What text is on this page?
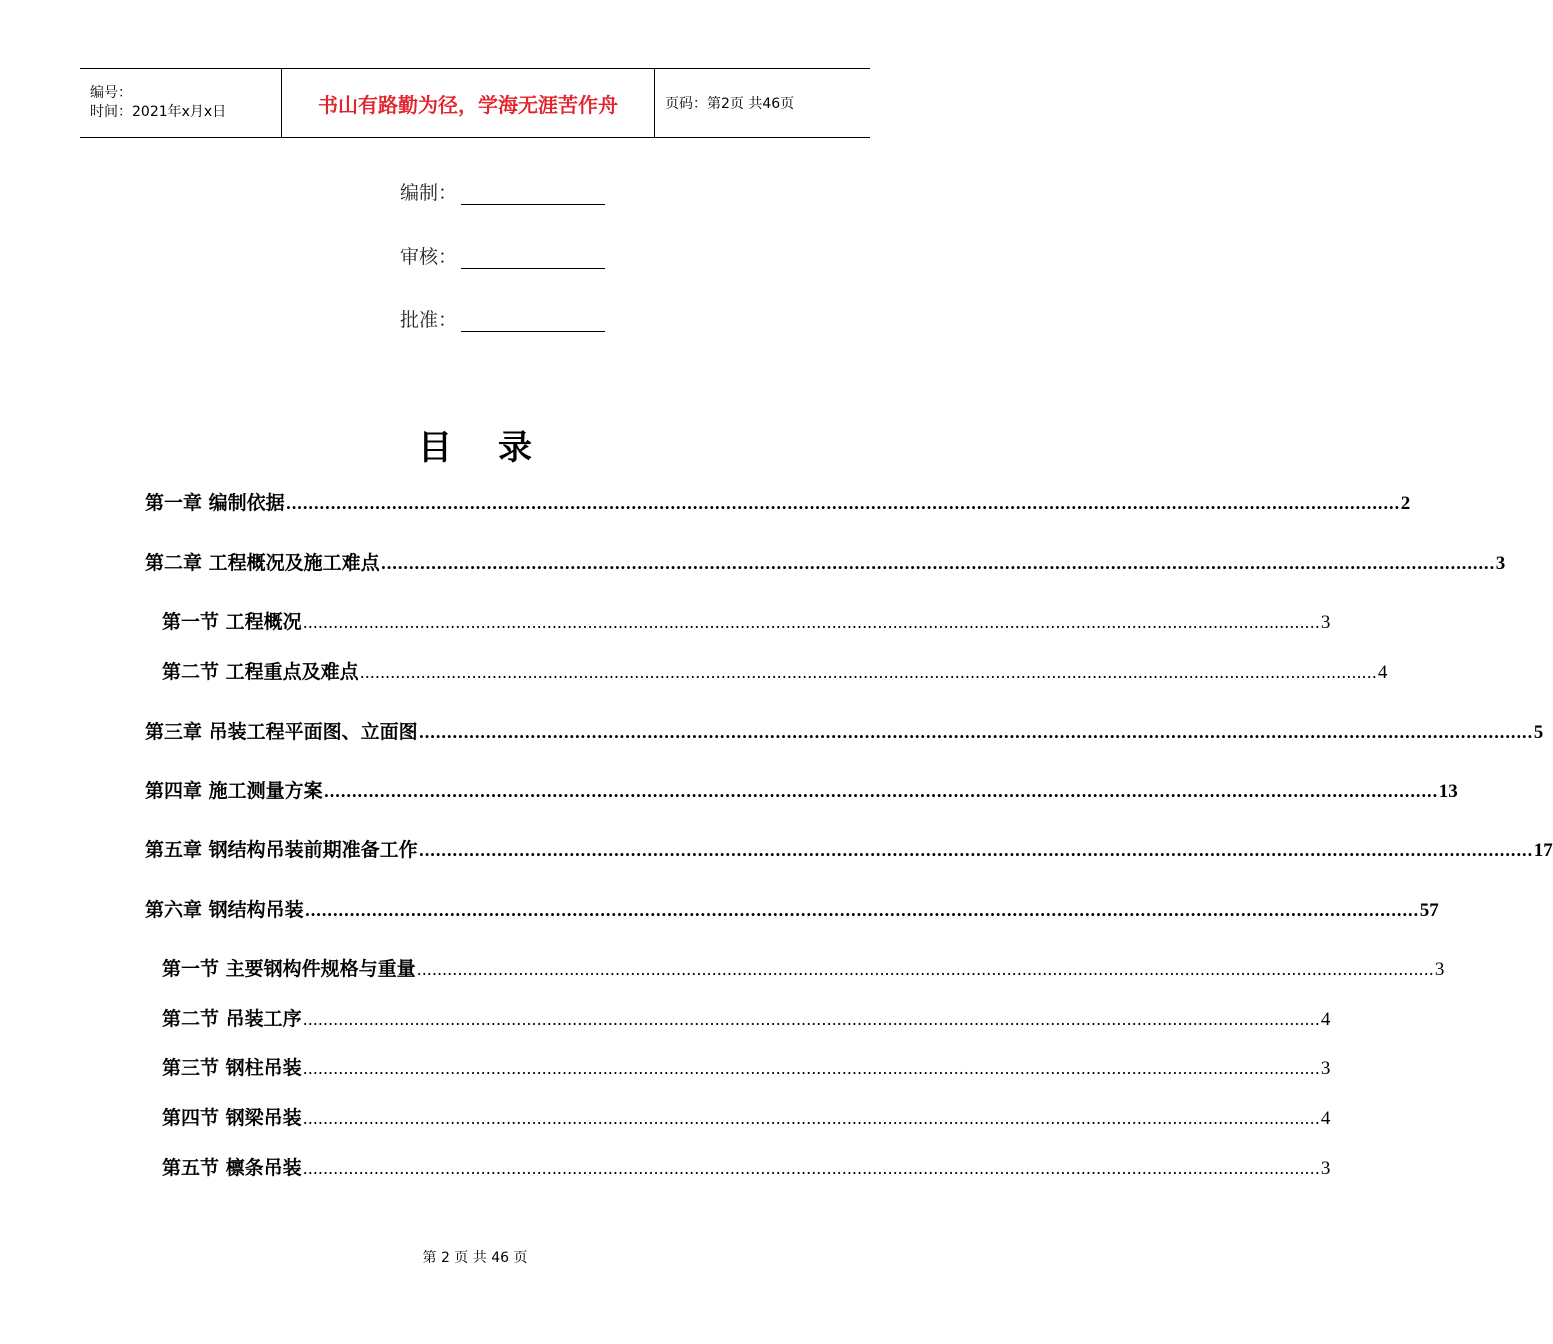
编号：
时间：2021年x月x日	书山有路勤为径，学海无涯苦作舟	页码：第2页 共46页
编制：
审核：
批准：
目录
第一章 编制依据 ........................................................................................................................................................................................................ 2
第二章 工程概况及施工难点 ........................................................................................................................................................................................................ 3
第一节 工程概况 ........................................................................................................................................................................................................ 3
第二节 工程重点及难点 ........................................................................................................................................................................................................ 4
第三章 吊装工程平面图、立面图 ........................................................................................................................................................................................................ 5
第四章 施工测量方案 ........................................................................................................................................................................................................ 13
第五章 钢结构吊装前期准备工作 ........................................................................................................................................................................................................ 17
第六章 钢结构吊装 ........................................................................................................................................................................................................ 57
第一节 主要钢构件规格与重量 ........................................................................................................................................................................................................ 3
第二节 吊装工序 ........................................................................................................................................................................................................ 4
第三节 钢柱吊装 ........................................................................................................................................................................................................ 3
第四节 钢梁吊装 ........................................................................................................................................................................................................ 4
第五节 檩条吊装 ........................................................................................................................................................................................................ 3
第 2 页 共 46 页
